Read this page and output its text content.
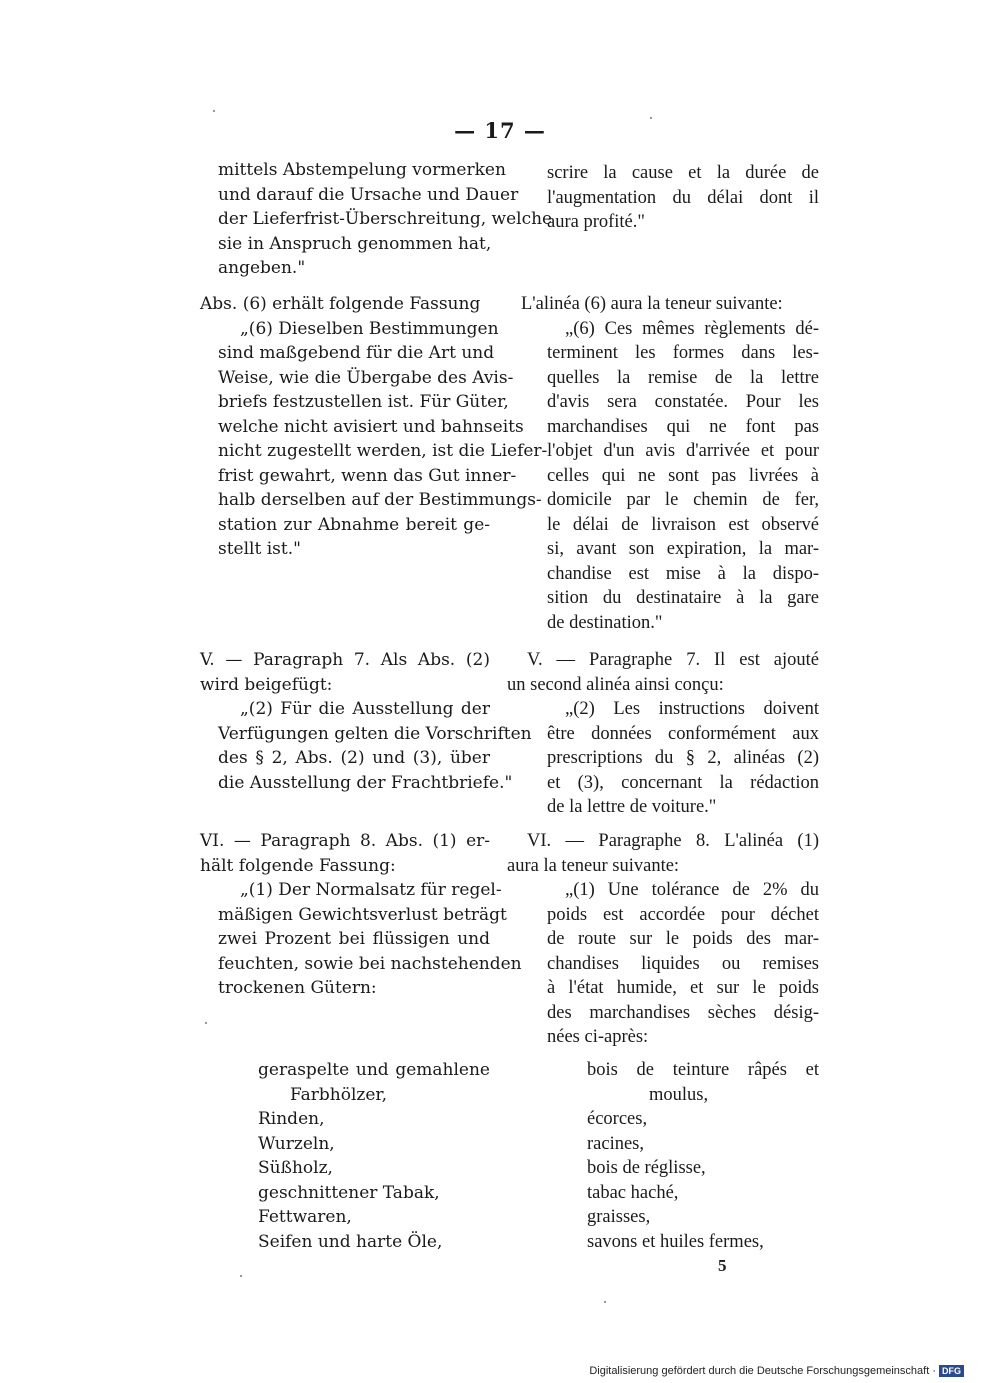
— 17 —
mittels Abstempelung vormerken
und darauf die Ursache und Dauer
der Lieferfrist-Überschreitung, welche
sie in Anspruch genommen hat,
angeben."
Abs. (6) erhält folgende Fassung
„(6) Dieselben Bestimmungen
sind maßgebend für die Art und
Weise, wie die Übergabe des Avis-
briefs festzustellen ist. Für Güter,
welche nicht avisiert und bahnseits
nicht zugestellt werden, ist die Liefer-
frist gewahrt, wenn das Gut inner-
halb derselben auf der Bestimmungs-
station zur Abnahme bereit ge-
stellt ist."
V. — Paragraph 7. Als Abs. (2)
wird beigefügt:
„(2) Für die Ausstellung der
Verfügungen gelten die Vorschriften
des § 2, Abs. (2) und (3), über
die Ausstellung der Frachtbriefe."
VI. — Paragraph 8. Abs. (1) er-
hält folgende Fassung:
„(1) Der Normalsatz für regel-
mäßigen Gewichtsverlust beträgt
zwei Prozent bei flüssigen und
feuchten, sowie bei nachstehenden
trockenen Gütern:
geraspelte und gemahlene
Farbhölzer,
Rinden,
Wurzeln,
Süßholz,
geschnittener Tabak,
Fettwaren,
Seifen und harte Öle,
scrire la cause et la durée de
l'augmentation du délai dont il
aura profité."
L'alinéa (6) aura la teneur suivante:
„(6) Ces mêmes règlements dé-
terminent les formes dans les-
quelles la remise de la lettre
d'avis sera constatée. Pour les
marchandises qui ne font pas
l'objet d'un avis d'arrivée et pour
celles qui ne sont pas livrées à
domicile par le chemin de fer,
le délai de livraison est observé
si, avant son expiration, la mar-
chandise est mise à la dispo-
sition du destinataire à la gare
de destination."
V. — Paragraphe 7. Il est ajouté
un second alinéa ainsi conçu:
„(2) Les instructions doivent
être données conformément aux
prescriptions du § 2, alinéas (2)
et (3), concernant la rédaction
de la lettre de voiture."
VI. — Paragraphe 8. L'alinéa (1)
aura la teneur suivante:
„(1) Une tolérance de 2% du
poids est accordée pour déchet
de route sur le poids des mar-
chandises liquides ou remises
à l'état humide, et sur le poids
des marchandises sèches désig-
nées ci-après:
bois de teinture râpés et
moulus,
écorces,
racines,
bois de réglisse,
tabac haché,
graisses,
savons et huiles fermes,
5
Digitalisierung gefördert durch die Deutsche Forschungsgemeinschaft · DFG
